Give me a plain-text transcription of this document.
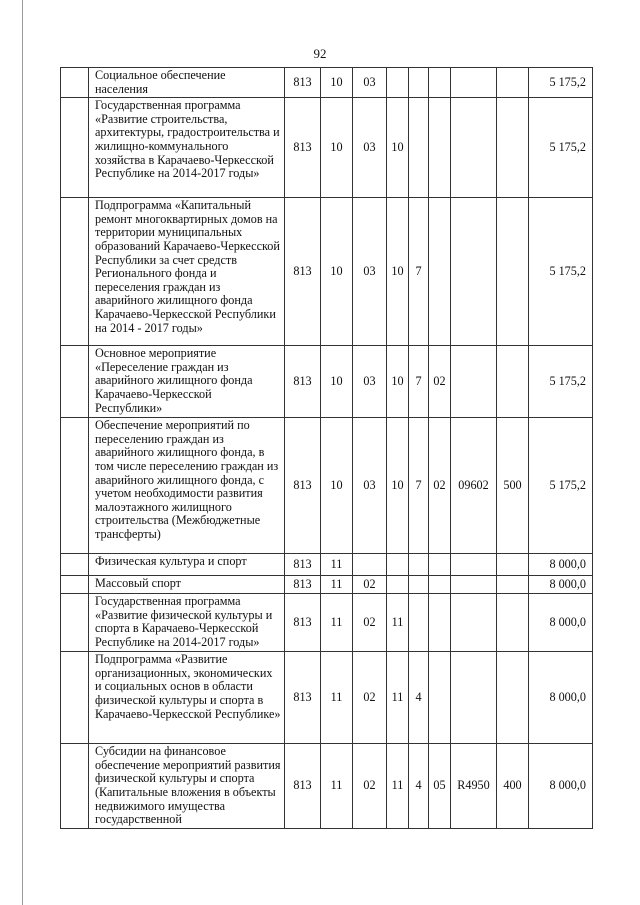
92
	Социальное обеспечение населения	813	10	03						5 175,2
	Государственная программа «Развитие строительства, архитектуры, градостроительства и жилищно-коммунального хозяйства в Карачаево-Черкесской Республике на 2014-2017 годы»	813	10	03	10					5 175,2
	Подпрограмма «Капитальный ремонт многоквартирных домов на территории муниципальных образований Карачаево-Черкесской Республики за счет средств Регионального фонда и переселения граждан из аварийного жилищного фонда Карачаево-Черкесской Республики на 2014 - 2017 годы»	813	10	03	10	7				5 175,2
	Основное мероприятие «Переселение граждан из аварийного жилищного фонда Карачаево-Черкесской Республики»	813	10	03	10	7	02			5 175,2
	Обеспечение мероприятий по переселению граждан из аварийного жилищного фонда, в том числе переселению граждан из аварийного жилищного фонда, с учетом необходимости развития малоэтажного жилищного строительства (Межбюджетные трансферты)	813	10	03	10	7	02	09602	500	5 175,2
	Физическая культура и спорт	813	11							8 000,0
	Массовый спорт	813	11	02						8 000,0
	Государственная программа «Развитие физической культуры и спорта в Карачаево-Черкесской Республике на 2014-2017 годы»	813	11	02	11					8 000,0
	Подпрограмма «Развитие организационных, экономических и социальных основ в области физической культуры и спорта в Карачаево-Черкесской Республике»	813	11	02	11	4				8 000,0
	Субсидии на финансовое обеспечение мероприятий развития физической культуры и спорта (Капитальные вложения в объекты недвижимого имущества государственной	813	11	02	11	4	05	R4950	400	8 000,0
